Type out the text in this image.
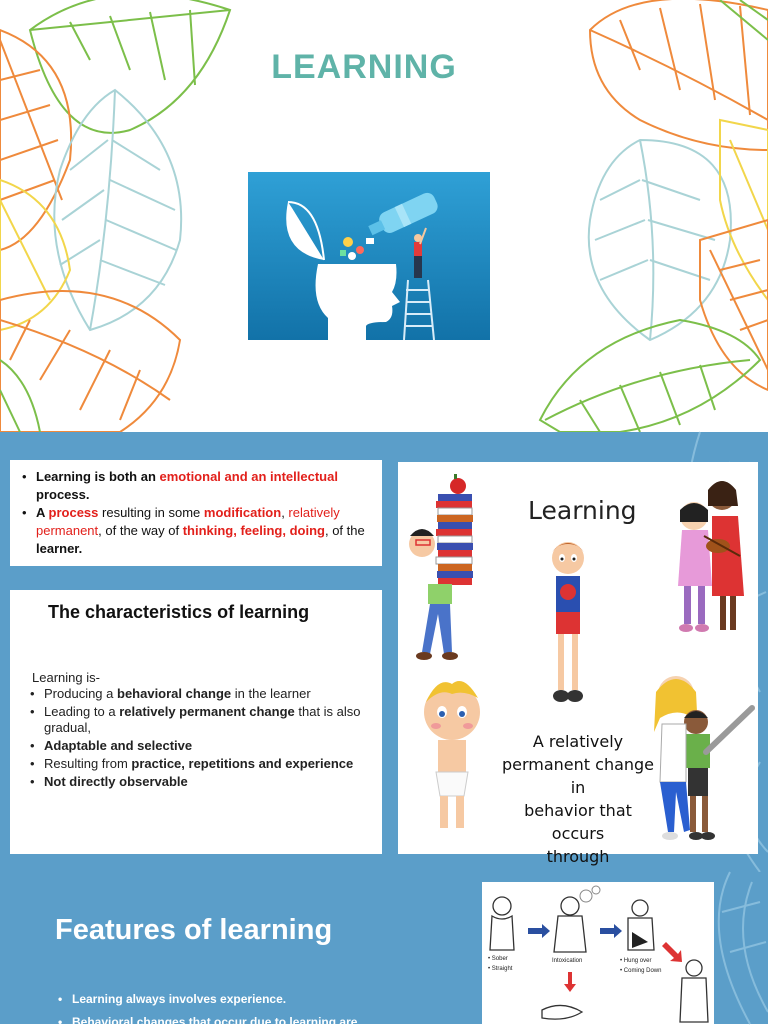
LEARNING
• Learning is both an emotional and an intellectual process.
• A process resulting in some modification, relatively permanent, of the way of thinking, feeling, doing, of the learner.
The characteristics of learning
Learning is-
• Producing a behavioral change in the learner
• Leading to a relatively permanent change that is also gradual,
• Adaptable and selective
• Resulting from practice, repetitions and experience
• Not directly observable
Learning
A relatively
permanent change in
behavior that occurs
through
Features of learning
• Learning always involves experience.
• Behavioral changes that occur due to learning are
• Sober
• Straight
Intoxication	• Hung over
• Coming Down
